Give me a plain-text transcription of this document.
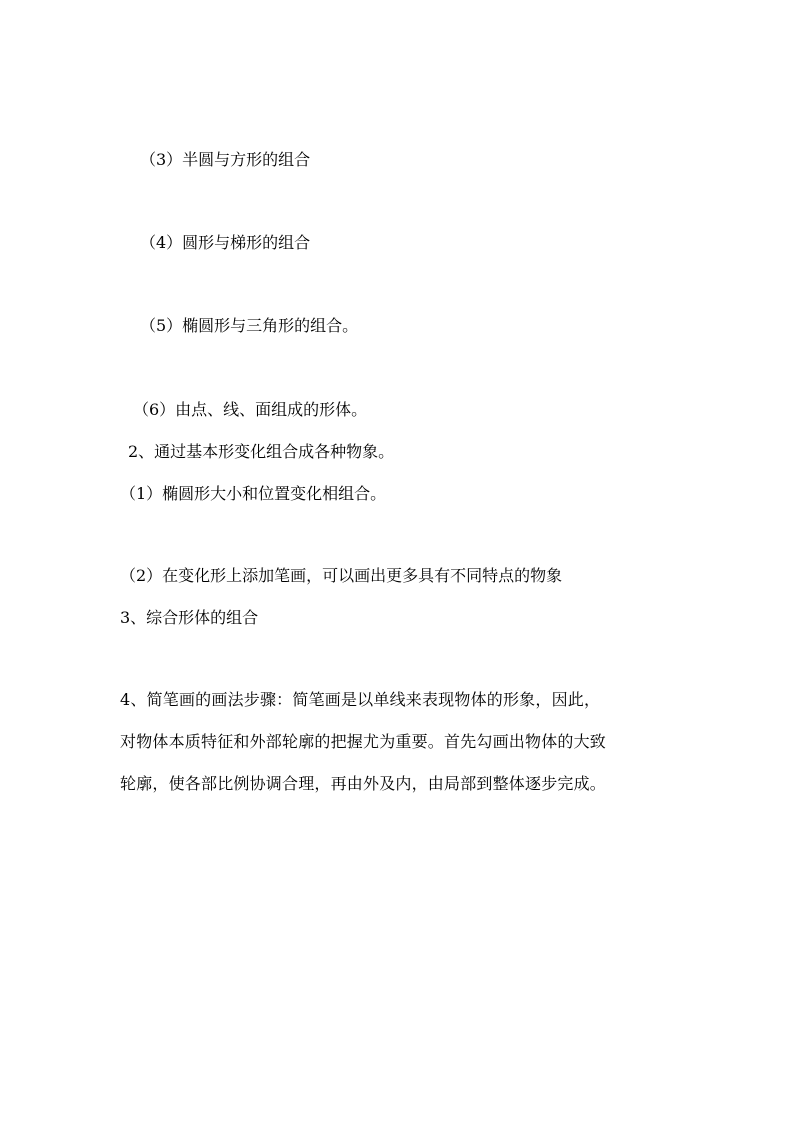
（3）半圆与方形的组合
（4）圆形与梯形的组合
（5）椭圆形与三角形的组合。
（6）由点、线、面组成的形体。
2、通过基本形变化组合成各种物象。
（1）椭圆形大小和位置变化相组合。
（2）在变化形上添加笔画，可以画出更多具有不同特点的物象
3、综合形体的组合
4、简笔画的画法步骤：简笔画是以单线来表现物体的形象，因此，
对物体本质特征和外部轮廓的把握尤为重要。首先勾画出物体的大致
轮廓，使各部比例协调合理，再由外及内，由局部到整体逐步完成。
